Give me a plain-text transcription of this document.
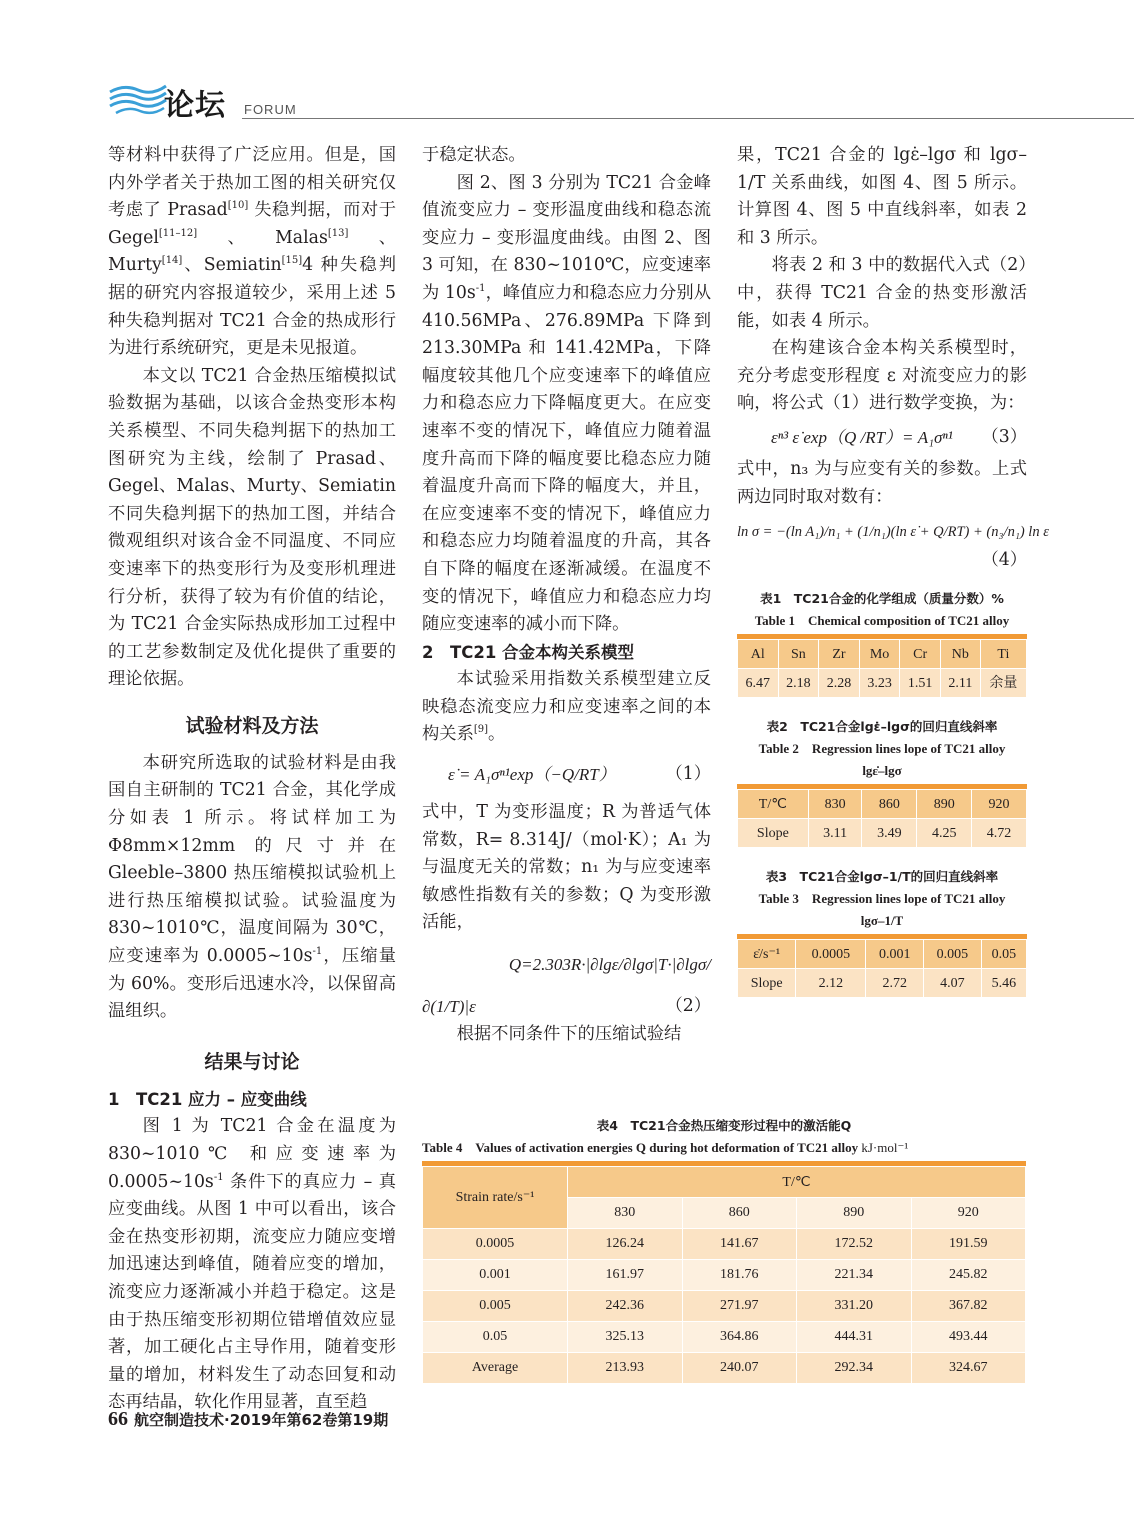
论坛 FORUM

等材料中获得了广泛应用。但是，国内外学者关于热加工图的相关研究仅考虑了 Prasad[10] 失稳判据，而对于 Gegel[11–12]、Malas[13]、Murty[14]、Semiatin[15]4 种失稳判据的研究内容报道较少，采用上述 5 种失稳判据对 TC21 合金的热成形行为进行系统研究，更是未见报道。

本文以 TC21 合金热压缩模拟试验数据为基础，以该合金热变形本构关系模型、不同失稳判据下的热加工图研究为主线，绘制了 Prasad、Gegel、Malas、Murty、Semiatin 不同失稳判据下的热加工图，并结合微观组织对该合金不同温度、不同应变速率下的热变形行为及变形机理进行分析，获得了较为有价值的结论，为 TC21 合金实际热成形加工过程中的工艺参数制定及优化提供了重要的理论依据。

试验材料及方法

本研究所选取的试验材料是由我国自主研制的 TC21 合金，其化学成分如表 1 所示。将试样加工为 Φ8mm×12mm 的尺寸并在 Gleeble–3800 热压缩模拟试验机上进行热压缩模拟试验。试验温度为 830~1010℃，温度间隔为 30℃，应变速率为 $0.0005\sim 10s^{-1}$，压缩量为 60%。变形后迅速水冷，以保留高温组织。

结果与讨论
1　TC21 应力 – 应变曲线

图 1 为 TC21 合金在温度为 830~1010℃ 和应变速率为 $0.0005\sim 10s^{-1}$ 条件下的真应力 – 真应变曲线。从图 1 中可以看出，该合金在热变形初期，流变应力随应变增加迅速达到峰值，随着应变的增加，流变应力逐渐减小并趋于稳定。这是由于热压缩变形初期位错增值效应显著，加工硬化占主导作用，随着变形量的增加，材料发生了动态回复和动态再结晶，软化作用显著，直至趋

于稳定状态。

图 2、图 3 分别为 TC21 合金峰值流变应力 – 变形温度曲线和稳态流变应力 – 变形温度曲线。由图 2、图 3 可知，在 830~1010℃，应变速率为 $10s^{-1}$，峰值应力和稳态应力分别从 410.56MPa、276.89MPa 下降到 213.30MPa 和 141.42MPa，下降幅度较其他几个应变速率下的峰值应力和稳态应力下降幅度更大。在应变速率不变的情况下，峰值应力随着温度升高而下降的幅度要比稳态应力随着温度升高而下降的幅度大，并且，在应变速率不变的情况下，峰值应力和稳态应力均随着温度的升高，其各自下降的幅度在逐渐减缓。在温度不变的情况下，峰值应力和稳态应力均随应变速率的减小而下降。

2　TC21 合金本构关系模型

本试验采用指数关系模型建立反映稳态流变应力和应变速率之间的本构关系[9]。

ε̇ = A₁σⁿ¹exp（−Q/RT）	（1）

式中，T 为变形温度；R 为普适气体常数，R= 8.314J/（mol·K）；A₁ 为与温度无关的常数；n₁ 为与应变速率敏感性指数有关的参数；Q 为变形激活能，

Q=2.303R·|∂lgε/∂lgσ|T·|∂lgσ/
∂(1/T)|ε	（2）

根据不同条件下的压缩试验结

果，TC21 合金的 lgε̇–lgσ 和 lgσ–1/T 关系曲线，如图 4、图 5 所示。计算图 4、图 5 中直线斜率，如表 2 和 3 所示。

将表 2 和 3 中的数据代入式（2）中，获得 TC21 合金的热变形激活能，如表 4 所示。

在构建该合金本构关系模型时，充分考虑变形程度 ε 对流变应力的影响，将公式（1）进行数学变换，为：

εⁿ³ ε̇ exp（Q /RT）= A₁σⁿ¹ （3）

式中，n₃ 为与应变有关的参数。上式两边同时取对数有：

ln σ = −(ln A₁)/n₁ + (1/n₁)(ln ε̇ + Q/RT) + (n₃/n₁) ln ε
（4）
表1　TC21合金的化学组成（质量分数）%
Table 1　Chemical composition of TC21 alloy
Al	Sn	Zr	Mo	Cr	Nb	Ti
6.47	2.18	2.28	3.23	1.51	2.11	余量
表2　TC21合金lgε̇–lgσ的回归直线斜率
Table 2　Regression lines lope of TC21 alloy
lgε̇–lgσ
T/℃	830	860	890	920
Slope	3.11	3.49	4.25	4.72
表3　TC21合金lgσ–1/T的回归直线斜率
Table 3　Regression lines lope of TC21 alloy
lgσ–1/T
ε̇/s⁻¹	0.0005	0.001	0.005	0.05
Slope	2.12	2.72	4.07	5.46
表4　TC21合金热压缩变形过程中的激活能Q
Table 4　Values of activation energies Q during hot deformation of TC21 alloy kJ·mol⁻¹
Strain rate/s⁻¹	T/℃			
	830	860	890	920
0.0005	126.24	141.67	172.52	191.59
0.001	161.97	181.76	221.34	245.82
0.005	242.36	271.97	331.20	367.82
0.05	325.13	364.86	444.31	493.44
Average	213.93	240.07	292.34	324.67
66 航空制造技术·2019年第62卷第19期
